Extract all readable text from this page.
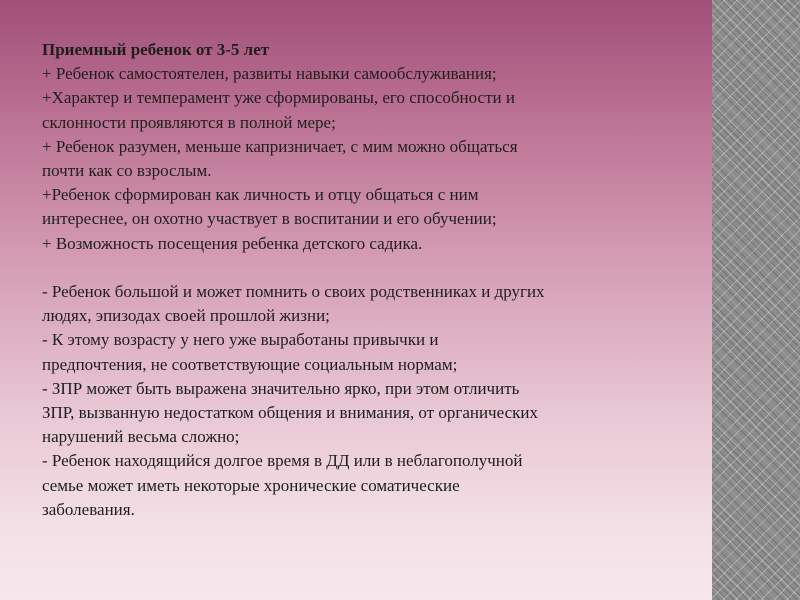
Приемный ребенок от 3-5 лет

+ Ребенок самостоятелен, развиты навыки самообслуживания;

+Характер и темперамент уже сформированы, его способности и

склонности проявляются в полной мере;

+ Ребенок разумен, меньше капризничает, с мим можно общаться

почти как со взрослым.

+Ребенок сформирован как личность и отцу общаться с ним

интереснее, он охотно участвует в воспитании и его обучении;

+ Возможность посещения ребенка детского садика.

- Ребенок большой и может помнить о своих родственниках и других

людях, эпизодах своей прошлой жизни;

- К этому возрасту у него уже выработаны привычки и

предпочтения, не соответствующие социальным нормам;

- ЗПР может быть выражена значительно ярко, при этом отличить

ЗПР, вызванную недостатком общения и внимания, от органических

нарушений весьма сложно;

- Ребенок находящийся долгое время в ДД или в неблагополучной

семье может иметь некоторые хронические соматические

заболевания.
